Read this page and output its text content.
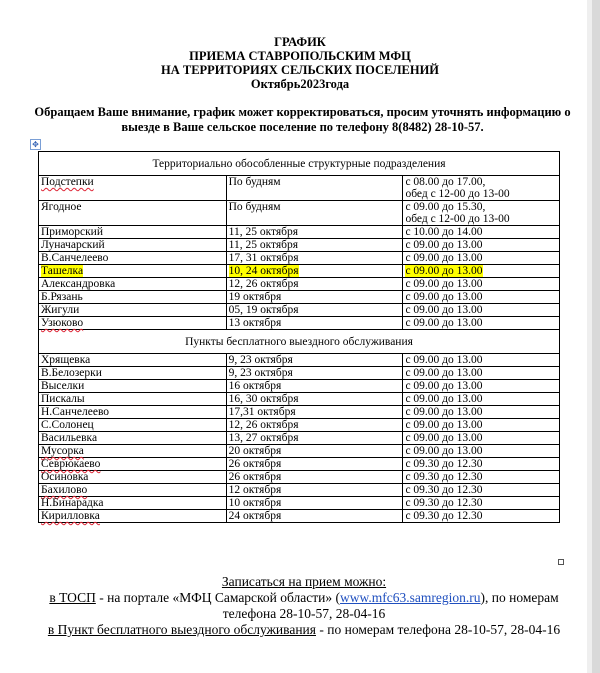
ГРАФИК
ПРИЕМА СТАВРОПОЛЬСКИМ МФЦ
НА ТЕРРИТОРИЯХ СЕЛЬСКИХ ПОСЕЛЕНИЙ
Октябрь2023года
Обращаем Ваше внимание, график может корректироваться, просим уточнять информацию о выезде в Ваше сельское поселение по телефону 8(8482) 28-10-57.
✥
Территориально обособленные структурные подразделения		
Подстепки	По будням	с 08.00 до 17.00,
обед с 12-00 до 13-00
Ягодное	По будням	с 09.00 до 15.30,
обед с 12-00 до 13-00
Приморский	11, 25 октября	с 10.00 до 14.00
Луначарский	11, 25 октября	с 09.00 до 13.00
В.Санчелеево	17, 31 октября	с 09.00 до 13.00
Ташелка	10, 24 октября	с 09.00 до 13.00
Александровка	12, 26 октября	с 09.00 до 13.00
Б.Рязань	19 октября	с 09.00 до 13.00
Жигули	05, 19 октября	с 09.00 до 13.00
Узюково	13 октября	с 09.00 до 13.00
Пункты бесплатного выездного обслуживания		
Хрящевка	9, 23 октября	с 09.00 до 13.00
В.Белозерки	9, 23 октября	с 09.00 до 13.00
Выселки	16 октября	с 09.00 до 13.00
Пискалы	16, 30 октября	с 09.00 до 13.00
Н.Санчелеево	17,31 октября	с 09.00 до 13.00
С.Солонец	12, 26 октября	с 09.00 до 13.00
Васильевка	13, 27 октября	с 09.00 до 13.00
Мусорка	20 октября	с 09.00 до 13.00
Севрюкаево	26 октября	с 09.30 до 12.30
Осиновка	26 октября	с 09.30 до 12.30
Бахилово	12 октября	с 09.30 до 12.30
Н.Бинарадка	10 октября	с 09.30 до 12.30
Кирилловка	24 октября	с 09.30 до 12.30
Записаться на прием можно:
в ТОСП - на портале «МФЦ Самарской области» (www.mfc63.samregion.ru), по номерам телефона 28-10-57, 28-04-16
в Пункт бесплатного выездного обслуживания - по номерам телефона 28-10-57, 28-04-16
